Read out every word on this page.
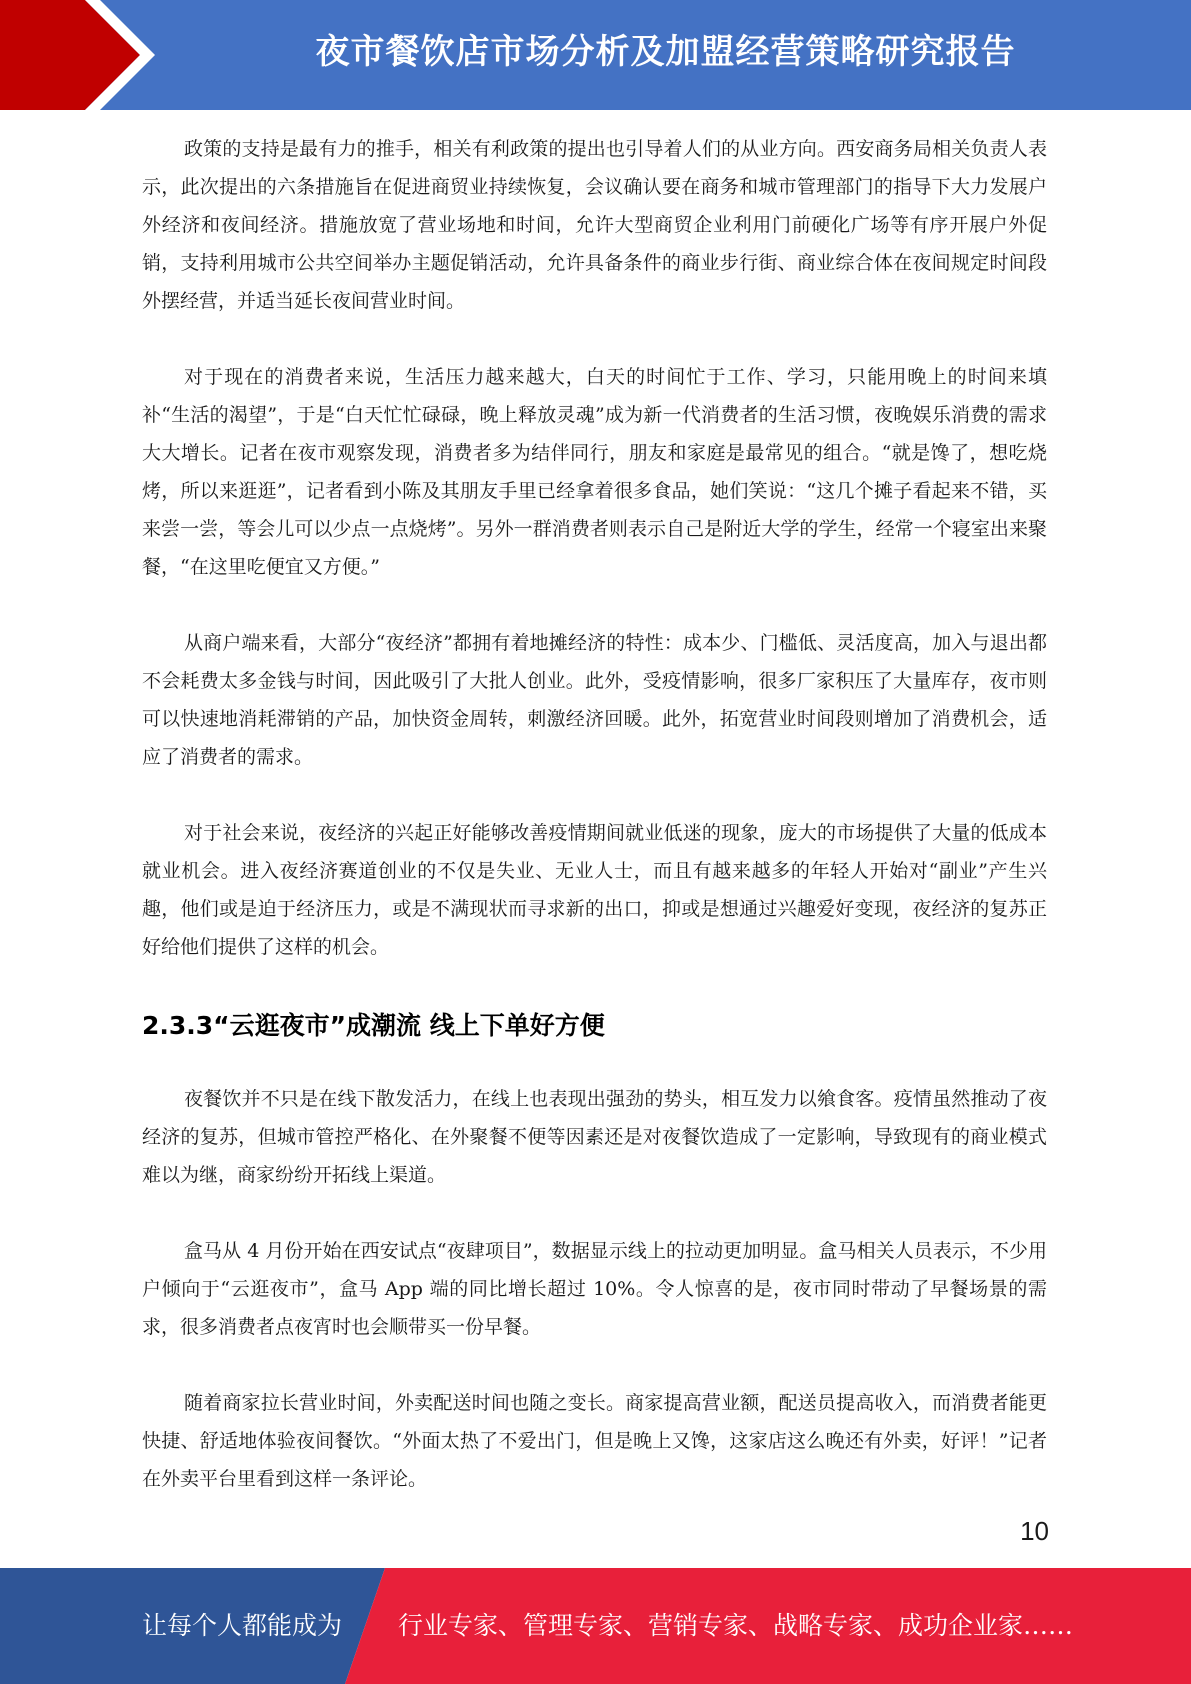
夜市餐饮店市场分析及加盟经营策略研究报告

政策的支持是最有力的推手，相关有利政策的提出也引导着人们的从业方向。西安商务局相关负责人表示，此次提出的六条措施旨在促进商贸业持续恢复，会议确认要在商务和城市管理部门的指导下大力发展户外经济和夜间经济。措施放宽了营业场地和时间，允许大型商贸企业利用门前硬化广场等有序开展户外促销，支持利用城市公共空间举办主题促销活动，允许具备条件的商业步行街、商业综合体在夜间规定时间段外摆经营，并适当延长夜间营业时间。

对于现在的消费者来说，生活压力越来越大，白天的时间忙于工作、学习，只能用晚上的时间来填补“生活的渴望”，于是“白天忙忙碌碌，晚上释放灵魂”成为新一代消费者的生活习惯，夜晚娱乐消费的需求大大增长。记者在夜市观察发现，消费者多为结伴同行，朋友和家庭是最常见的组合。“就是馋了，想吃烧烤，所以来逛逛”，记者看到小陈及其朋友手里已经拿着很多食品，她们笑说：“这几个摊子看起来不错，买来尝一尝，等会儿可以少点一点烧烤”。另外一群消费者则表示自己是附近大学的学生，经常一个寝室出来聚餐，“在这里吃便宜又方便。”

从商户端来看，大部分“夜经济”都拥有着地摊经济的特性：成本少、门槛低、灵活度高，加入与退出都不会耗费太多金钱与时间，因此吸引了大批人创业。此外，受疫情影响，很多厂家积压了大量库存，夜市则可以快速地消耗滞销的产品，加快资金周转，刺激经济回暖。此外，拓宽营业时间段则增加了消费机会，适应了消费者的需求。

对于社会来说，夜经济的兴起正好能够改善疫情期间就业低迷的现象，庞大的市场提供了大量的低成本就业机会。进入夜经济赛道创业的不仅是失业、无业人士，而且有越来越多的年轻人开始对“副业”产生兴趣，他们或是迫于经济压力，或是不满现状而寻求新的出口，抑或是想通过兴趣爱好变现，夜经济的复苏正好给他们提供了这样的机会。

2.3.3“云逛夜市”成潮流 线上下单好方便

夜餐饮并不只是在线下散发活力，在线上也表现出强劲的势头，相互发力以飨食客。疫情虽然推动了夜经济的复苏，但城市管控严格化、在外聚餐不便等因素还是对夜餐饮造成了一定影响，导致现有的商业模式难以为继，商家纷纷开拓线上渠道。

盒马从 4 月份开始在西安试点“夜肆项目”，数据显示线上的拉动更加明显。盒马相关人员表示，不少用户倾向于“云逛夜市”，盒马 App 端的同比增长超过 10%。令人惊喜的是，夜市同时带动了早餐场景的需求，很多消费者点夜宵时也会顺带买一份早餐。

随着商家拉长营业时间，外卖配送时间也随之变长。商家提高营业额，配送员提高收入，而消费者能更快捷、舒适地体验夜间餐饮。“外面太热了不爱出门，但是晚上又馋，这家店这么晚还有外卖，好评！”记者在外卖平台里看到这样一条评论。

10
让每个人都能成为 行业专家、管理专家、营销专家、战略专家、成功企业家……
